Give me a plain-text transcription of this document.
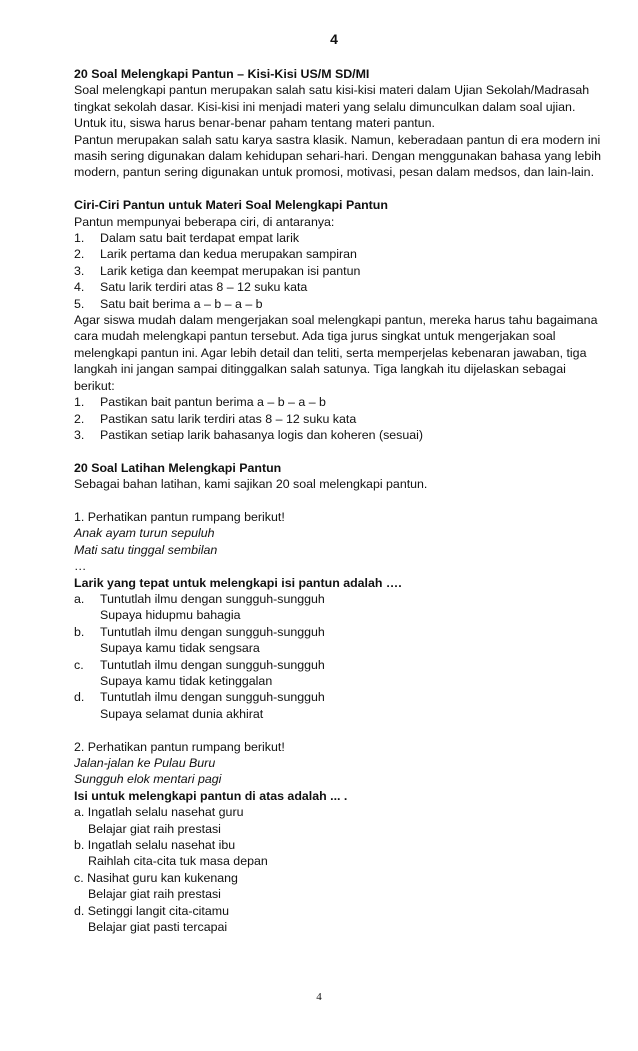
4

20 Soal Melengkapi Pantun – Kisi-Kisi US/M SD/MI

Soal melengkapi pantun merupakan salah satu kisi-kisi materi dalam Ujian Sekolah/Madrasah tingkat sekolah dasar. Kisi-kisi ini menjadi materi yang selalu dimunculkan dalam soal ujian. Untuk itu, siswa harus benar-benar paham tentang materi pantun.

Pantun merupakan salah satu karya sastra klasik. Namun, keberadaan pantun di era modern ini masih sering digunakan dalam kehidupan sehari-hari. Dengan menggunakan bahasa yang lebih modern, pantun sering digunakan untuk promosi, motivasi, pesan dalam medsos, dan lain-lain.

Ciri-Ciri Pantun untuk Materi Soal Melengkapi Pantun

Pantun mempunyai beberapa ciri, di antaranya:

1.	Dalam satu bait terdapat empat larik
2.	Larik pertama dan kedua merupakan sampiran
3.	Larik ketiga dan keempat merupakan isi pantun
4.	Satu larik terdiri atas 8 – 12 suku kata
5.	Satu bait berima a – b – a – b

Agar siswa mudah dalam mengerjakan soal melengkapi pantun, mereka harus tahu bagaimana cara mudah melengkapi pantun tersebut. Ada tiga jurus singkat untuk mengerjakan soal melengkapi pantun ini. Agar lebih detail dan teliti, serta memperjelas kebenaran jawaban, tiga langkah ini jangan sampai ditinggalkan salah satunya. Tiga langkah itu dijelaskan sebagai berikut:

1.	Pastikan bait pantun berima a – b – a – b
2.	Pastikan satu larik terdiri atas 8 – 12 suku kata
3.	Pastikan setiap larik bahasanya logis dan koheren (sesuai)

20 Soal Latihan Melengkapi Pantun

Sebagai bahan latihan, kami sajikan 20 soal melengkapi pantun.

1. Perhatikan pantun rumpang berikut!

Anak ayam turun sepuluh

Mati satu tinggal sembilan

…

Larik yang tepat untuk melengkapi isi pantun adalah ….

a.	Tuntutlah ilmu dengan sungguh-sungguh
Supaya hidupmu bahagia
b.	Tuntutlah ilmu dengan sungguh-sungguh
Supaya kamu tidak sengsara
c.	Tuntutlah ilmu dengan sungguh-sungguh
Supaya kamu tidak ketinggalan
d.	Tuntutlah ilmu dengan sungguh-sungguh
Supaya selamat dunia akhirat

2. Perhatikan pantun rumpang berikut!

Jalan-jalan ke Pulau Buru

Sungguh elok mentari pagi

Isi untuk melengkapi pantun di atas adalah ... .

a. Ingatlah selalu nasehat guru
Belajar giat raih prestasi
b. Ingatlah selalu nasehat ibu
Raihlah cita-cita tuk masa depan
c. Nasihat guru kan kukenang
Belajar giat raih prestasi
d. Setinggi langit cita-citamu
Belajar giat pasti tercapai
4
